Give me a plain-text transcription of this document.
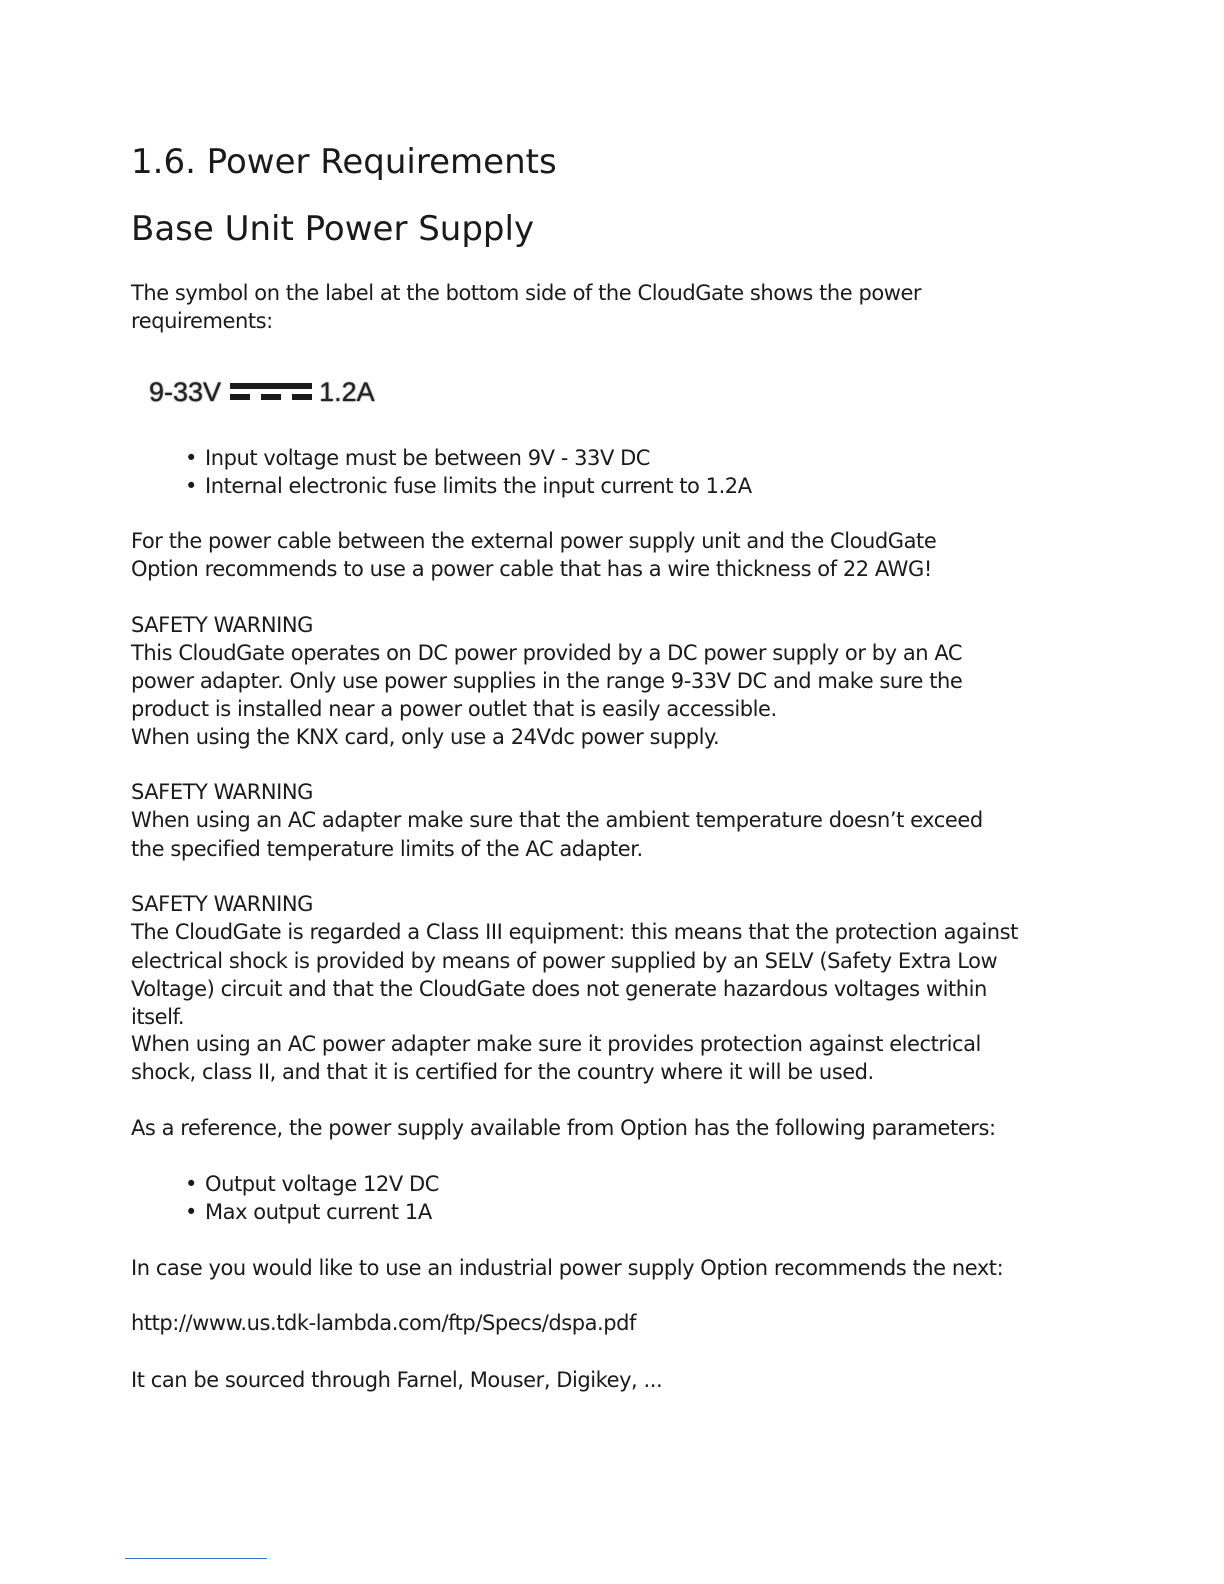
1.6. Power Requirements
Base Unit Power Supply

The symbol on the label at the bottom side of the CloudGate shows the power

requirements:

9-33V	1.2A
• Input voltage must be between 9V - 33V DC
• Internal electronic fuse limits the input current to 1.2A

For the power cable between the external power supply unit and the CloudGate

Option recommends to use a power cable that has a wire thickness of 22 AWG!

SAFETY WARNING

This CloudGate operates on DC power provided by a DC power supply or by an AC

power adapter. Only use power supplies in the range 9-33V DC and make sure the

product is installed near a power outlet that is easily accessible.

When using the KNX card, only use a 24Vdc power supply.

SAFETY WARNING

When using an AC adapter make sure that the ambient temperature doesn’t exceed

the specified temperature limits of the AC adapter.

SAFETY WARNING

The CloudGate is regarded a Class III equipment: this means that the protection against

electrical shock is provided by means of power supplied by an SELV (Safety Extra Low

Voltage) circuit and that the CloudGate does not generate hazardous voltages within

itself.

When using an AC power adapter make sure it provides protection against electrical

shock, class II, and that it is certified for the country where it will be used.

As a reference, the power supply available from Option has the following parameters:

• Output voltage 12V DC
• Max output current 1A

In case you would like to use an industrial power supply Option recommends the next:

http://www.us.tdk-lambda.com/ftp/Specs/dspa.pdf

It can be sourced through Farnel, Mouser, Digikey, ...
